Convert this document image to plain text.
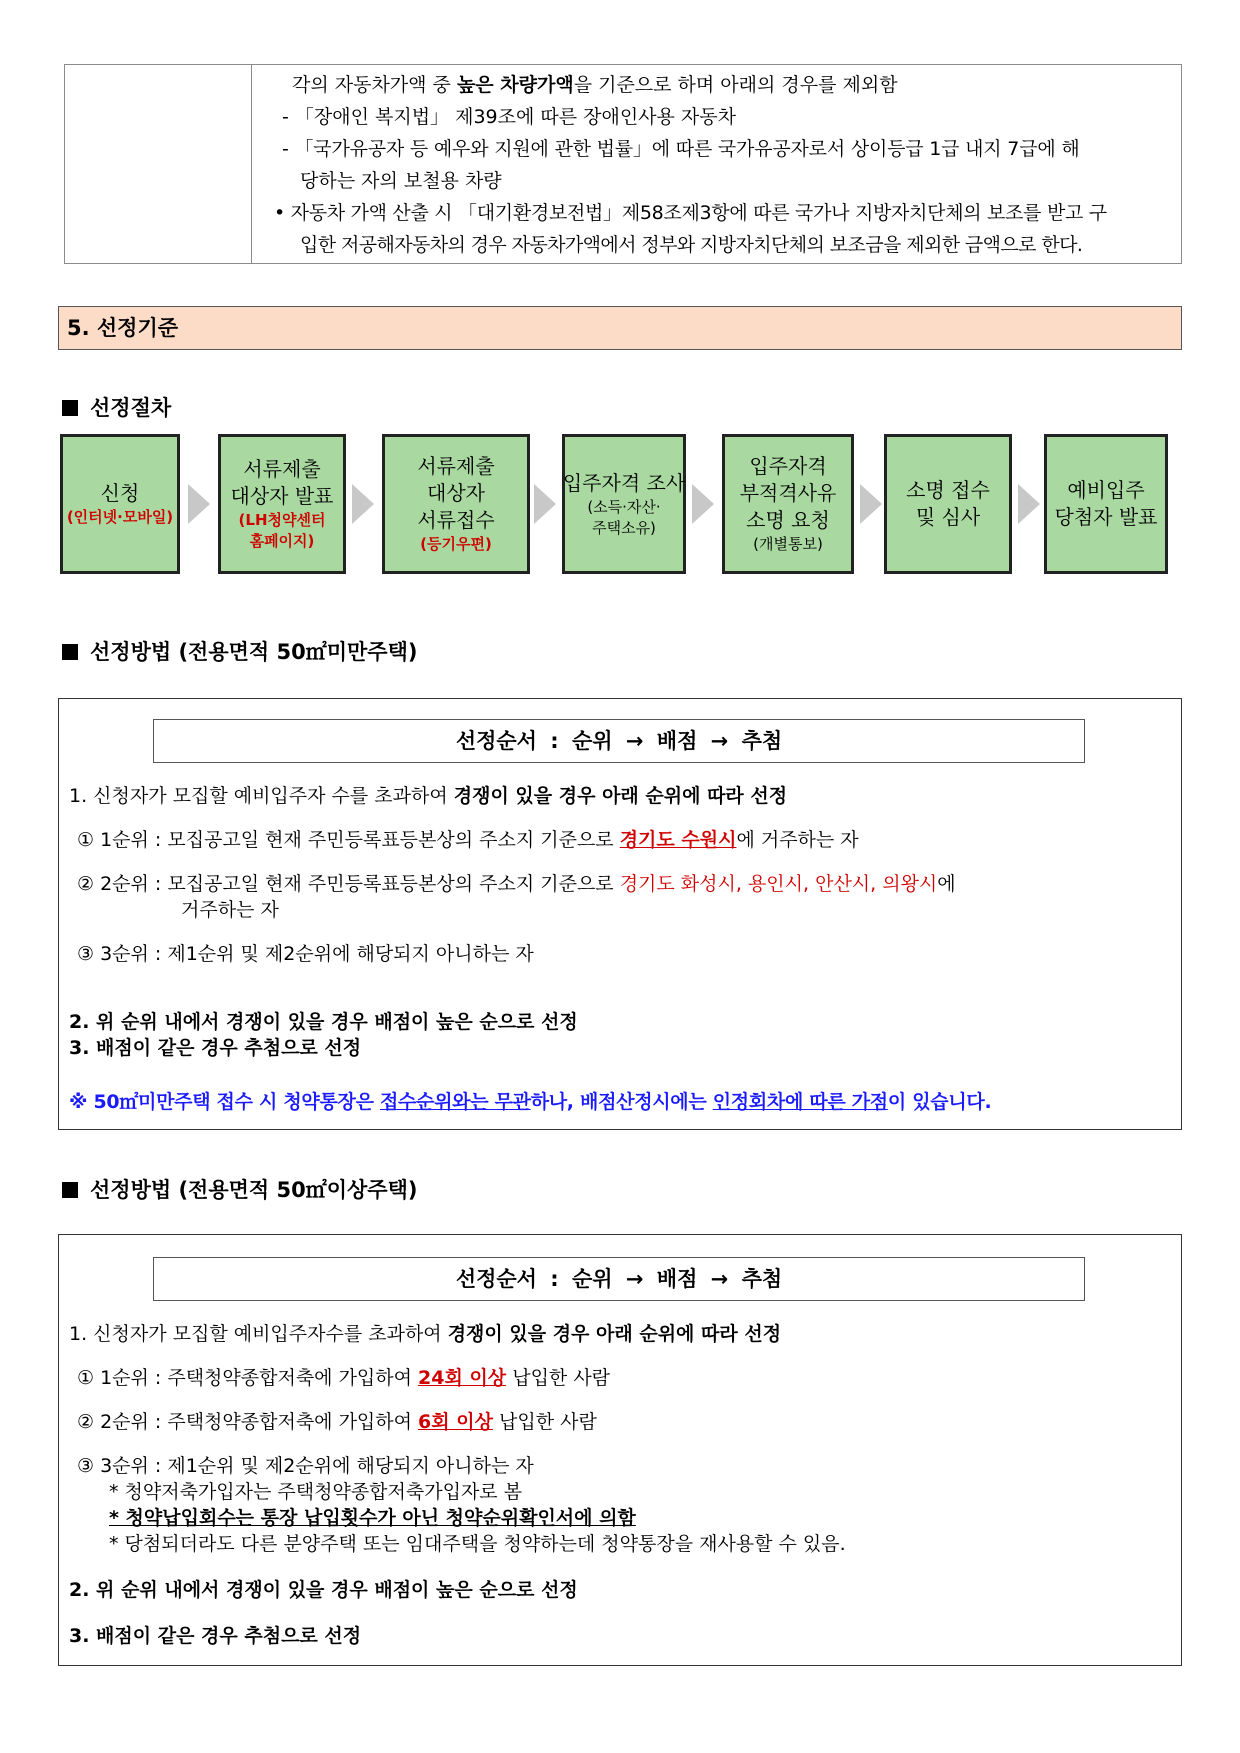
각의 자동차가액 중 높은 차량가액을 기준으로 하며 아래의 경우를 제외함
- 「장애인 복지법」 제39조에 따른 장애인사용 자동차
- 「국가유공자 등 예우와 지원에 관한 법률」에 따른 국가유공자로서 상이등급 1급 내지 7급에 해
당하는 자의 보철용 차량
• 자동차 가액 산출 시 「대기환경보전법」제58조제3항에 따른 국가나 지방자치단체의 보조를 받고 구
입한 저공해자동차의 경우 자동차가액에서 정부와 지방자치단체의 보조금을 제외한 금액으로 한다.
5. 선정기준
선정절차
신청
(인터넷·모바일)
서류제출
대상자 발표
(LH청약센터
홈페이지)
서류제출
대상자
서류접수
(등기우편)
입주자격 조사
(소득·자산·
주택소유)
입주자격
부적격사유
소명 요청
(개별통보)
소명 접수
및 심사
예비입주
당첨자 발표
선정방법 (전용면적 50㎡미만주택)
선정순서 : 순위 → 배점 → 추첨
1. 신청자가 모집할 예비입주자 수를 초과하여 경쟁이 있을 경우 아래 순위에 따라 선정
① 1순위 : 모집공고일 현재 주민등록표등본상의 주소지 기준으로 경기도 수원시에 거주하는 자
② 2순위 : 모집공고일 현재 주민등록표등본상의 주소지 기준으로 경기도 화성시, 용인시, 안산시, 의왕시에
거주하는 자
③ 3순위 : 제1순위 및 제2순위에 해당되지 아니하는 자
2. 위 순위 내에서 경쟁이 있을 경우 배점이 높은 순으로 선정
3. 배점이 같은 경우 추첨으로 선정
※ 50㎡미만주택 접수 시 청약통장은 접수순위와는 무관하나, 배점산정시에는 인정회차에 따른 가점이 있습니다.
선정방법 (전용면적 50㎡이상주택)
선정순서 : 순위 → 배점 → 추첨
1. 신청자가 모집할 예비입주자수를 초과하여 경쟁이 있을 경우 아래 순위에 따라 선정
① 1순위 : 주택청약종합저축에 가입하여 24회 이상 납입한 사람
② 2순위 : 주택청약종합저축에 가입하여 6회 이상 납입한 사람
③ 3순위 : 제1순위 및 제2순위에 해당되지 아니하는 자
* 청약저축가입자는 주택청약종합저축가입자로 봄
* 청약납입회수는 통장 납입횟수가 아닌 청약순위확인서에 의함
* 당첨되더라도 다른 분양주택 또는 임대주택을 청약하는데 청약통장을 재사용할 수 있음.
2. 위 순위 내에서 경쟁이 있을 경우 배점이 높은 순으로 선정
3. 배점이 같은 경우 추첨으로 선정
